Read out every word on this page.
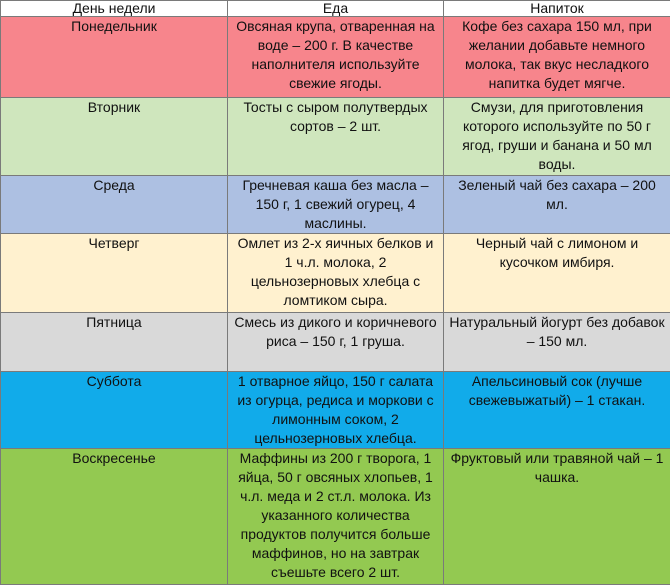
День недели	Еда	Напиток
Понедельник	Овсяная крупа, отваренная на воде – 200 г. В качестве наполнителя используйте свежие ягоды.	Кофе без сахара 150 мл, при желании добавьте немного молока, так вкус несладкого напитка будет мягче.
Вторник	Тосты с сыром полутвердых сортов – 2 шт.	Смузи, для приготовления которого используйте по 50 г ягод, груши и банана и 50 мл воды.
Среда	Гречневая каша без масла – 150 г, 1 свежий огурец, 4 маслины.	Зеленый чай без сахара – 200 мл.
Четверг	Омлет из 2-х яичных белков и 1 ч.л. молока, 2 цельнозерновых хлебца с ломтиком сыра.	Черный чай с лимоном и кусочком имбиря.
Пятница	Смесь из дикого и коричневого риса – 150 г, 1 груша.	Натуральный йогурт без добавок – 150 мл.
Суббота	1 отварное яйцо, 150 г салата из огурца, редиса и моркови с лимонным соком, 2 цельнозерновых хлебца.	Апельсиновый сок (лучше свежевыжатый) – 1 стакан.
Воскресенье	Маффины из 200 г творога, 1 яйца, 50 г овсяных хлопьев, 1 ч.л. меда и 2 ст.л. молока. Из указанного количества продуктов получится больше маффинов, но на завтрак съешьте всего 2 шт.	Фруктовый или травяной чай – 1 чашка.
